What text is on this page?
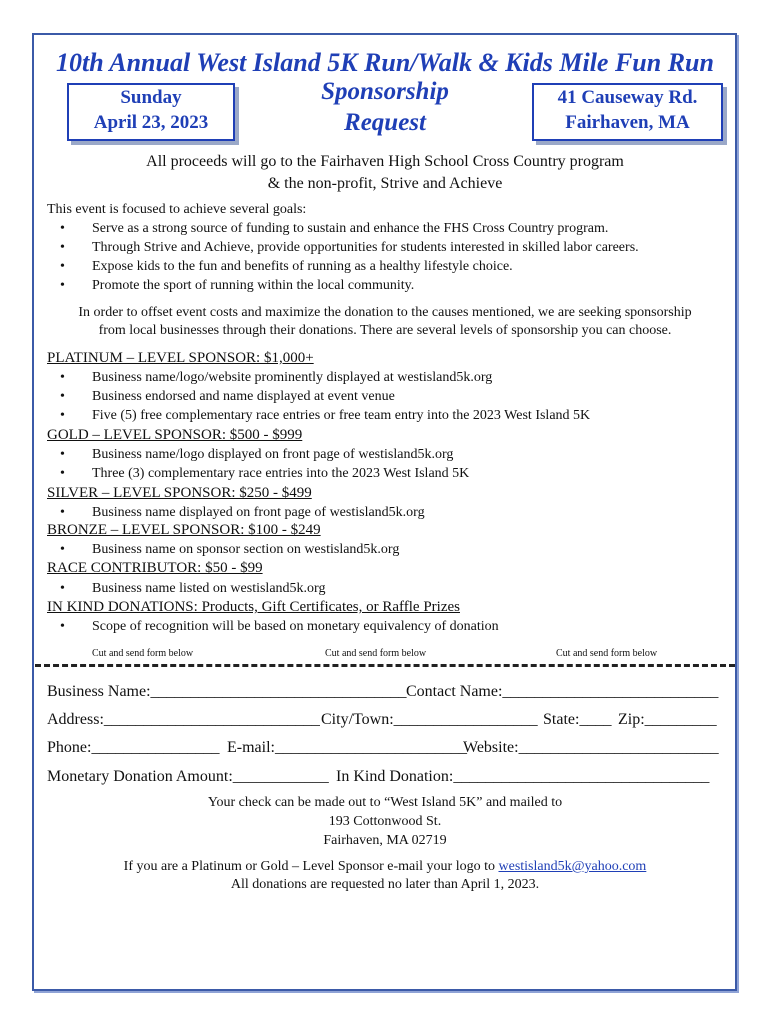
10th Annual West Island 5K Run/Walk & Kids Mile Fun Run
Sponsorship
Request
Sunday
April 23, 2023
41 Causeway Rd.
Fairhaven, MA
All proceeds will go to the Fairhaven High School Cross Country program
& the non-profit, Strive and Achieve
This event is focused to achieve several goals:
• Serve as a strong source of funding to sustain and enhance the FHS Cross Country program.
• Through Strive and Achieve, provide opportunities for students interested in skilled labor careers.
• Expose kids to the fun and benefits of running as a healthy lifestyle choice.
• Promote the sport of running within the local community.
In order to offset event costs and maximize the donation to the causes mentioned, we are seeking sponsorship
from local businesses through their donations. There are several levels of sponsorship you can choose.
PLATINUM – LEVEL SPONSOR: $1,000+
• Business name/logo/website prominently displayed at westisland5k.org
• Business endorsed and name displayed at event venue
• Five (5) free complementary race entries or free team entry into the 2023 West Island 5K
GOLD – LEVEL SPONSOR: $500 - $999
• Business name/logo displayed on front page of westisland5k.org
• Three (3) complementary race entries into the 2023 West Island 5K
SILVER – LEVEL SPONSOR: $250 - $499
• Business name displayed on front page of westisland5k.org
BRONZE – LEVEL SPONSOR: $100 - $249
• Business name on sponsor section on westisland5k.org
RACE CONTRIBUTOR: $50 - $99
• Business name listed on westisland5k.org
IN KIND DONATIONS: Products, Gift Certificates, or Raffle Prizes
• Scope of recognition will be based on monetary equivalency of donation
Cut and send form below	Cut and send form below	Cut and send form below
Business Name:________________________________ Contact Name:___________________________
Address:___________________________ City/Town:__________________ State:____ Zip:_________
Phone:________________ E-mail:________________________
Website:_________________________
Monetary Donation Amount:____________ In Kind Donation:________________________________
Your check can be made out to “West Island 5K” and mailed to
193 Cottonwood St.
Fairhaven, MA 02719
If you are a Platinum or Gold – Level Sponsor e-mail your logo to westisland5k@yahoo.com
All donations are requested no later than April 1, 2023.
